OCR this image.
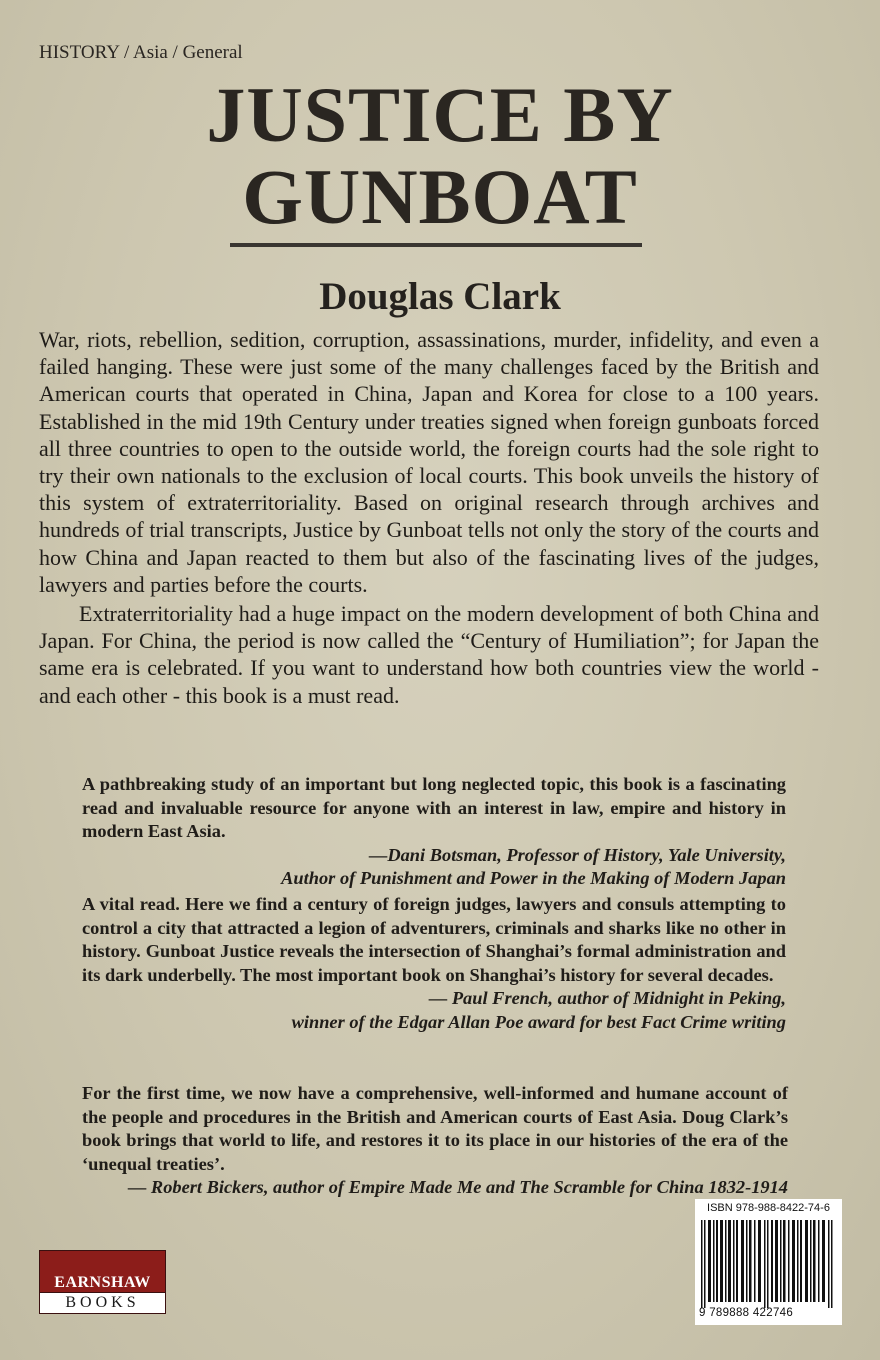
HISTORY / Asia / General
JUSTICE BY
GUNBOAT
Douglas Clark

War, riots, rebellion, sedition, corruption, assassinations, murder, infidelity, and even a failed hanging. These were just some of the many challenges faced by the British and American courts that operated in China, Japan and Korea for close to a 100 years. Established in the mid 19th Century under treaties signed when foreign gunboats forced all three countries to open to the outside world, the foreign courts had the sole right to try their own nationals to the exclusion of local courts. This book unveils the history of this system of extraterritoriality. Based on original research through archives and hundreds of trial transcripts, Justice by Gunboat tells not only the story of the courts and how China and Japan reacted to them but also of the fascinating lives of the judges, lawyers and parties before the courts.

Extraterritoriality had a huge impact on the modern development of both China and Japan. For China, the period is now called the “Century of Humiliation”; for Japan the same era is celebrated. If you want to understand how both countries view the world - and each other - this book is a must read.

A pathbreaking study of an important but long neglected topic, this book is a fascinating read and invaluable resource for anyone with an interest in law, empire and history in modern East Asia.

—Dani Botsman, Professor of History, Yale University,

Author of Punishment and Power in the Making of Modern Japan

A vital read. Here we find a century of foreign judges, lawyers and consuls attempting to control a city that attracted a legion of adventurers, criminals and sharks like no other in history. Gunboat Justice reveals the intersection of Shanghai’s formal administration and its dark underbelly. The most important book on Shanghai’s history for several decades.

— Paul French, author of Midnight in Peking,

winner of the Edgar Allan Poe award for best Fact Crime writing

For the first time, we now have a comprehensive, well-informed and humane account of the people and procedures in the British and American courts of East Asia. Doug Clark’s book brings that world to life, and restores it to its place in our histories of the era of the ‘unequal treaties’.

— Robert Bickers, author of Empire Made Me and The Scramble for China 1832-1914

EARNSHAW
BOOKS
ISBN 978-988-8422-74-6
9 789888 422746
